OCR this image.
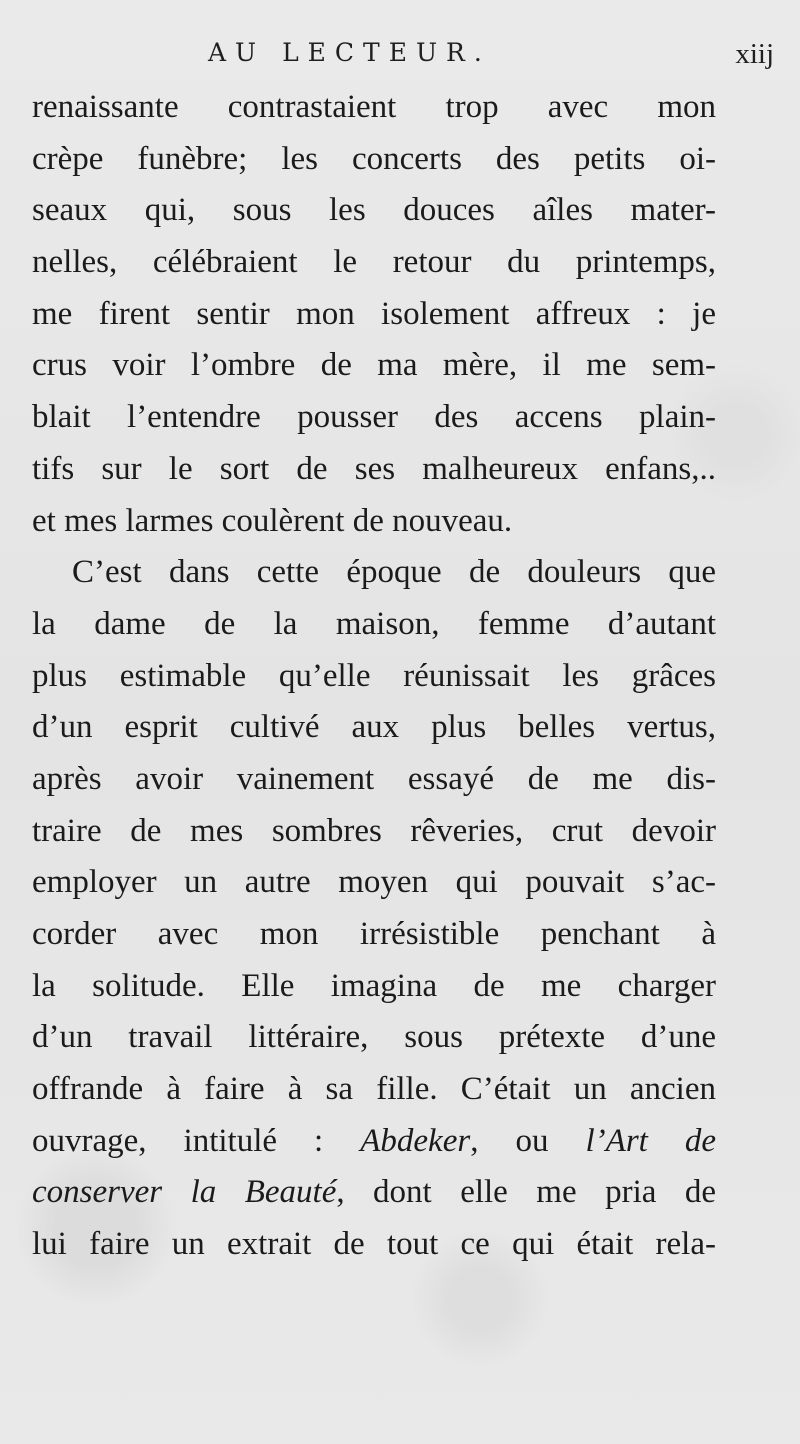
AU LECTEUR.	xiij
renaissante contrastaient trop avec mon
crèpe funèbre; les concerts des petits oi-
seaux qui, sous les douces aîles mater-
nelles, célébraient le retour du printemps,
me firent sentir mon isolement affreux : je
crus voir l’ombre de ma mère, il me sem-
blait l’entendre pousser des accens plain-
tifs sur le sort de ses malheureux enfans,..
et mes larmes coulèrent de nouveau.
C’est dans cette époque de douleurs que
la dame de la maison, femme d’autant
plus estimable qu’elle réunissait les grâces
d’un esprit cultivé aux plus belles vertus,
après avoir vainement essayé de me dis-
traire de mes sombres rêveries, crut devoir
employer un autre moyen qui pouvait s’ac-
corder avec mon irrésistible penchant à
la solitude. Elle imagina de me charger
d’un travail littéraire, sous prétexte d’une
offrande à faire à sa fille. C’était un ancien
ouvrage, intitulé : Abdeker, ou l’Art de
conserver la Beauté, dont elle me pria de
lui faire un extrait de tout ce qui était rela-
